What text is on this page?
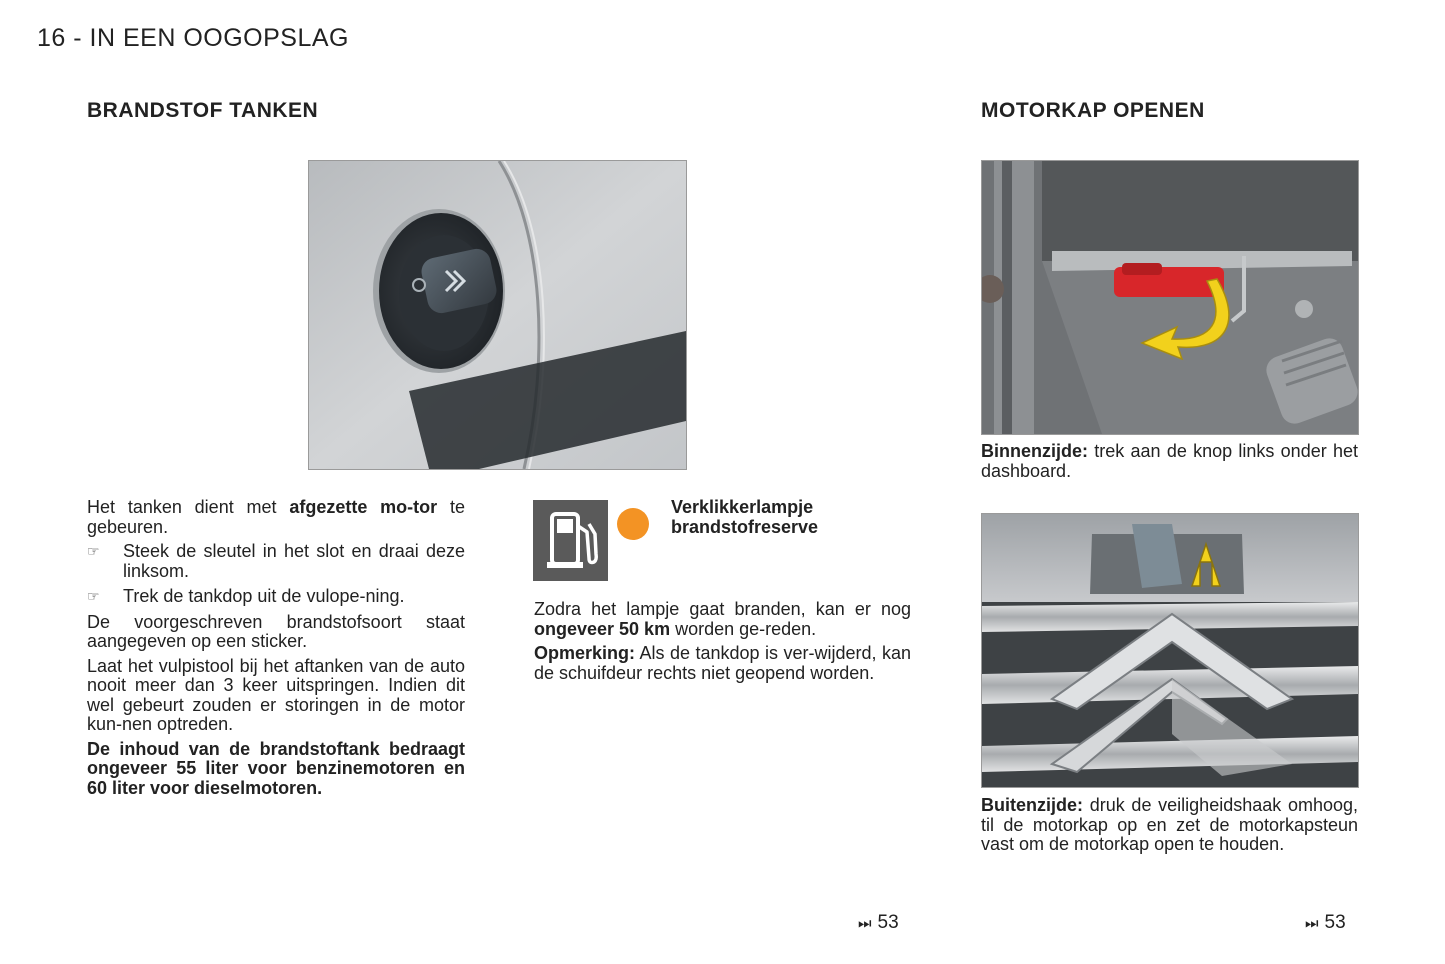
16 - IN EEN OOGOPSLAG
BRANDSTOF TANKEN	MOTORKAP OPENEN

Het tanken dient met afgezette mo-tor te gebeuren.

☞ Steek de sleutel in het slot en draai deze linksom.
☞ Trek de tankdop uit de vulope-ning.

De voorgeschreven brandstofsoort staat aangegeven op een sticker.

Laat het vulpistool bij het aftanken van de auto nooit meer dan 3 keer uitspringen. Indien dit wel gebeurt zouden er storingen in de motor kun-nen optreden.

De inhoud van de brandstoftank bedraagt ongeveer 55 liter voor benzinemotoren en 60 liter voor dieselmotoren.

Verklikkerlampje brandstofreserve

Zodra het lampje gaat branden, kan er nog ongeveer 50 km worden ge-reden.

Opmerking: Als de tankdop is ver-wijderd, kan de schuifdeur rechts niet geopend worden.

Binnenzijde: trek aan de knop links onder het dashboard.
Buitenzijde: druk de veiligheidshaak omhoog, til de motorkap op en zet de motorkapsteun vast om de motorkap open te houden.
⏭ 53	⏭ 53
